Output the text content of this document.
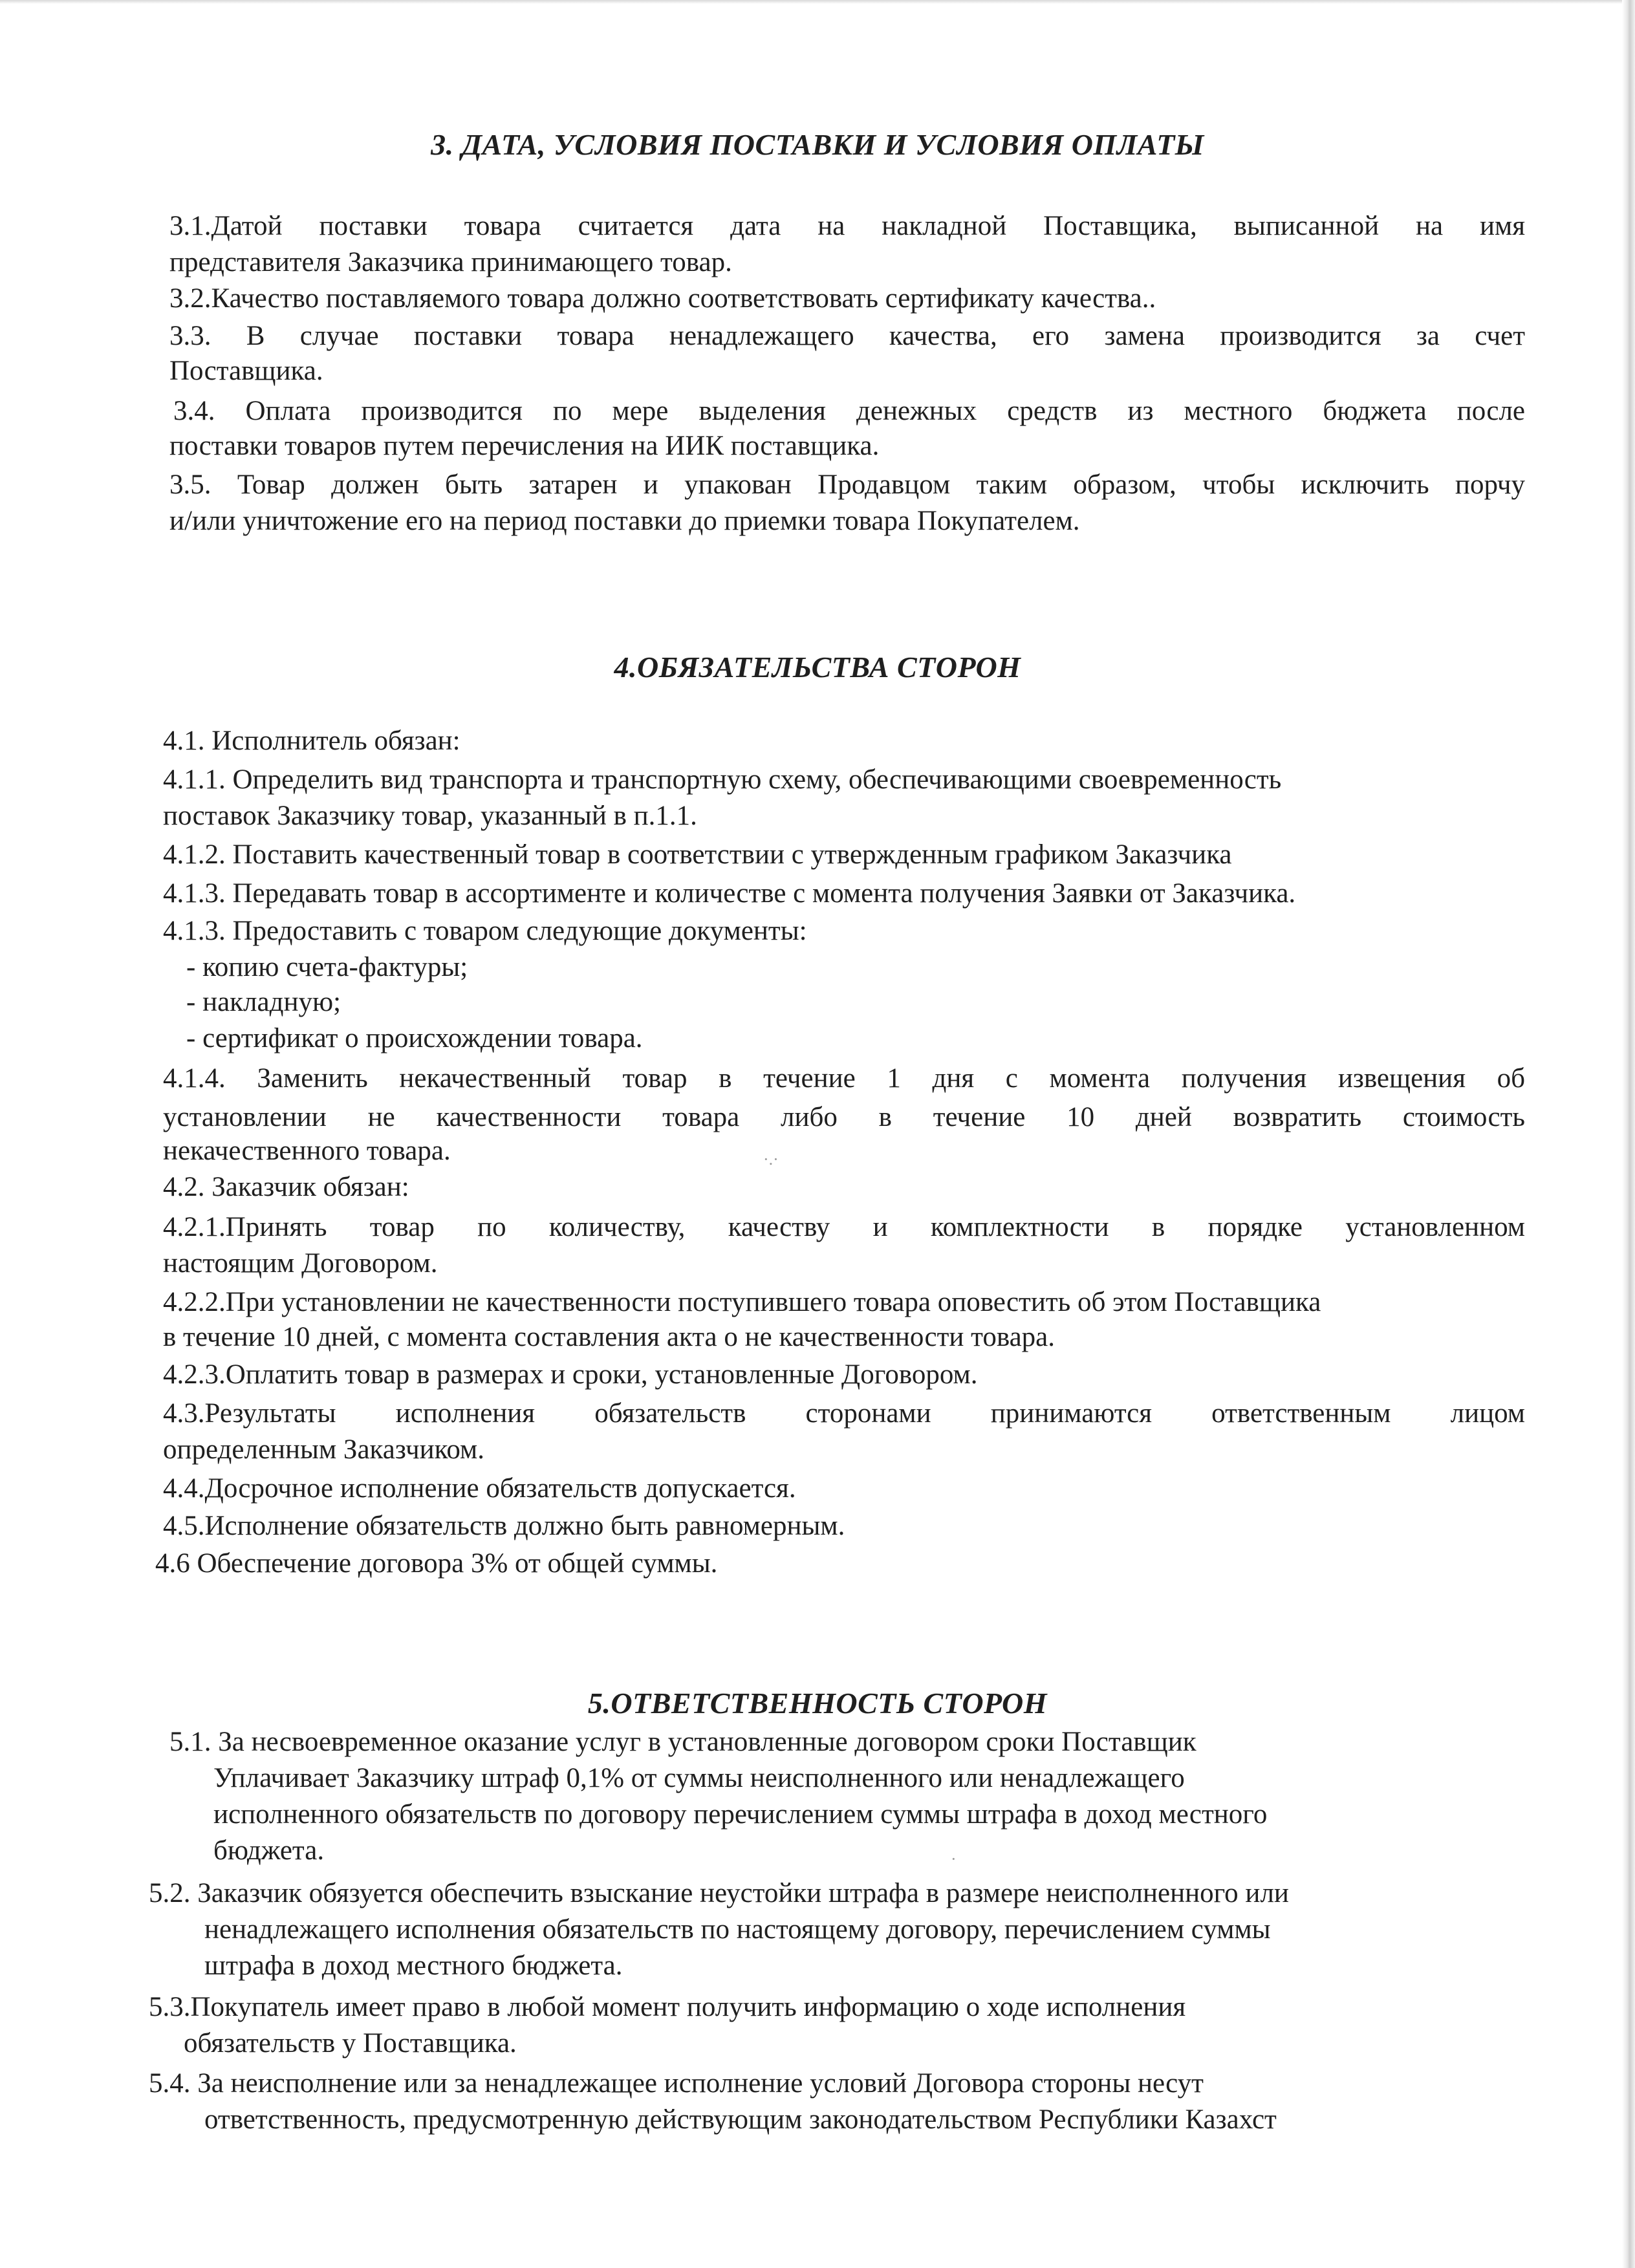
3. ДАТА, УСЛОВИЯ ПОСТАВКИ И УСЛОВИЯ ОПЛАТЫ
3.1.Датой поставки товара считается дата на накладной Поставщика, выписанной на имя
представителя Заказчика принимающего товар.
3.2.Качество поставляемого товара должно соответствовать сертификату качества..
3.3. В случае поставки товара ненадлежащего качества, его замена производится за счет
Поставщика.
3.4. Оплата производится по мере выделения денежных средств из местного бюджета после
поставки товаров путем перечисления на ИИК поставщика.
3.5. Товар должен быть затарен и упакован Продавцом таким образом, чтобы исключить порчу
и/или уничтожение его на период поставки до приемки товара Покупателем.
4.ОБЯЗАТЕЛЬСТВА СТОРОН
4.1. Исполнитель обязан:
4.1.1. Определить вид транспорта и транспортную схему, обеспечивающими своевременность
поставок Заказчику товар, указанный в п.1.1.
4.1.2. Поставить качественный товар в соответствии с утвержденным графиком Заказчика
4.1.3. Передавать товар в ассортименте и количестве с момента получения Заявки от Заказчика.
4.1.3. Предоставить с товаром следующие документы:
- копию счета-фактуры;
- накладную;
- сертификат о происхождении товара.
4.1.4. Заменить некачественный товар в течение 1 дня с момента получения извещения об
установлении не качественности товара либо в течение 10 дней возвратить стоимость
некачественного товара.
4.2. Заказчик обязан:
4.2.1.Принять товар по количеству, качеству и комплектности в порядке установленном
настоящим Договором.
4.2.2.При установлении не качественности поступившего товара оповестить об этом Поставщика
в течение 10 дней, с момента составления акта о не качественности товара.
4.2.3.Оплатить товар в размерах и сроки, установленные Договором.
4.3.Результаты исполнения обязательств сторонами принимаются ответственным лицом
определенным Заказчиком.
4.4.Досрочное исполнение обязательств допускается.
4.5.Исполнение обязательств должно быть равномерным.
4.6 Обеспечение договора 3% от общей суммы.
5.ОТВЕТСТВЕННОСТЬ СТОРОН
5.1. За несвоевременное оказание услуг в установленные договором сроки Поставщик
Уплачивает Заказчику штраф 0,1% от суммы неисполненного или ненадлежащего
исполненного обязательств по договору перечислением суммы штрафа в доход местного
бюджета.
5.2. Заказчик обязуется обеспечить взыскание неустойки штрафа в размере неисполненного или
ненадлежащего исполнения обязательств по настоящему договору, перечислением суммы
штрафа в доход местного бюджета.
5.3.Покупатель имеет право в любой момент получить информацию о ходе исполнения
обязательств у Поставщика.
5.4. За неисполнение или за ненадлежащее исполнение условий Договора стороны несут
ответственность, предусмотренную действующим законодательством Республики Казахст
·.·
·
